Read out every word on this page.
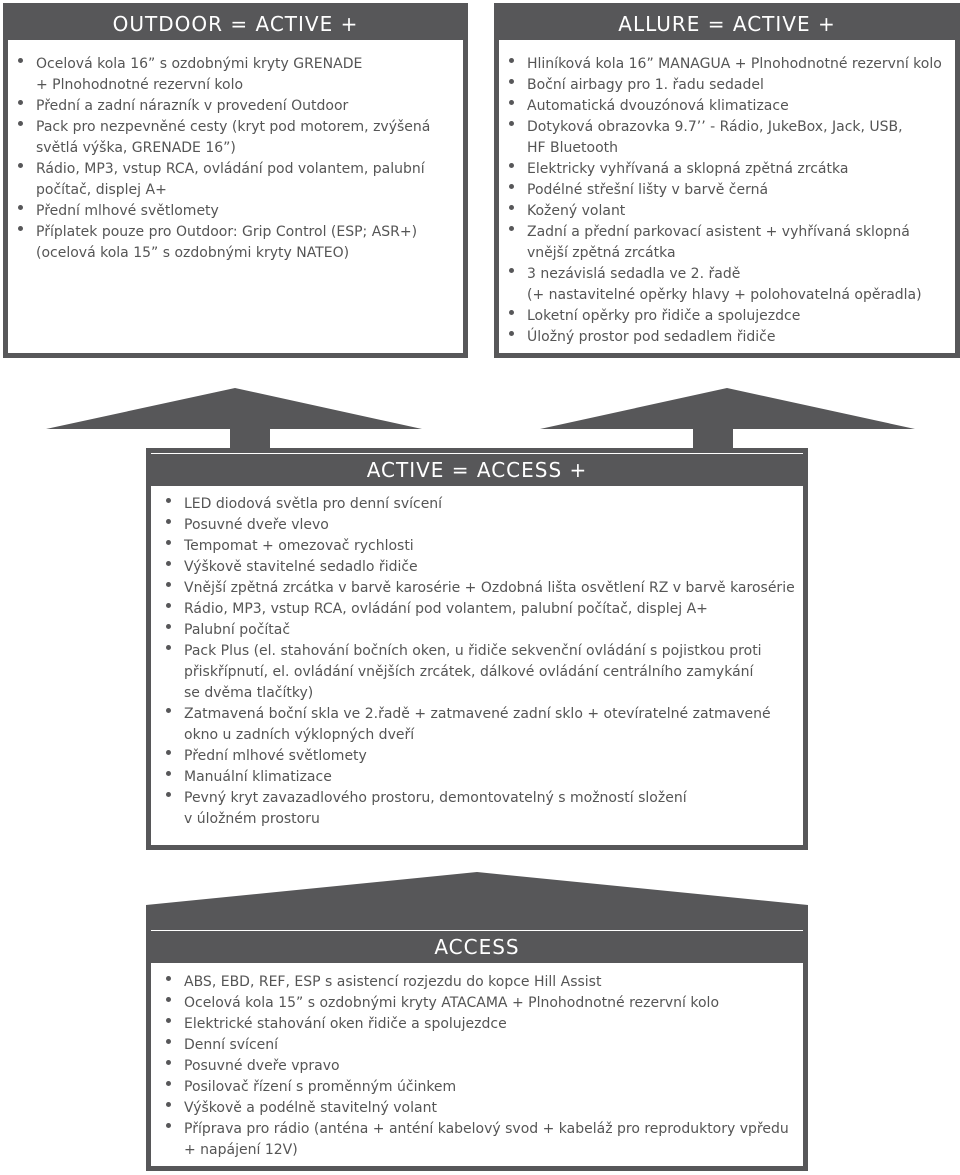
OUTDOOR = ACTIVE +
Ocelová kola 16” s ozdobnými kryty GRENADE
+ Plnohodnotné rezervní kolo
Přední a zadní nárazník v provedení Outdoor
Pack pro nezpevněné cesty (kryt pod motorem, zvýšená
světlá výška, GRENADE 16”)
Rádio, MP3, vstup RCA, ovládání pod volantem, palubní
počítač, displej A+
Přední mlhové světlomety
Příplatek pouze pro Outdoor: Grip Control (ESP; ASR+)
(ocelová kola 15” s ozdobnými kryty NATEO)
ALLURE = ACTIVE +
Hliníková kola 16” MANAGUA + Plnohodnotné rezervní kolo
Boční airbagy pro 1. řadu sedadel
Automatická dvouzónová klimatizace
Dotyková obrazovka 9.7’’ - Rádio, JukeBox, Jack, USB,
HF Bluetooth
Elektricky vyhřívaná a sklopná zpětná zrcátka
Podélné střešní lišty v barvě černá
Kožený volant
Zadní a přední parkovací asistent + vyhřívaná sklopná
vnější zpětná zrcátka
3 nezávislá sedadla ve 2. řadě
(+ nastavitelné opěrky hlavy + polohovatelná opěradla)
Loketní opěrky pro řidiče a spolujezdce
Úložný prostor pod sedadlem řidiče
ACTIVE = ACCESS +
LED diodová světla pro denní svícení
Posuvné dveře vlevo
Tempomat + omezovač rychlosti
Výškově stavitelné sedadlo řidiče
Vnější zpětná zrcátka v barvě karosérie + Ozdobná lišta osvětlení RZ v barvě karosérie
Rádio, MP3, vstup RCA, ovládání pod volantem, palubní počítač, displej A+
Palubní počítač
Pack Plus (el. stahování bočních oken, u řidiče sekvenční ovládání s pojistkou proti
přiskřípnutí, el. ovládání vnějších zrcátek, dálkové ovládání centrálního zamykání
se dvěma tlačítky)
Zatmavená boční skla ve 2.řadě + zatmavené zadní sklo + otevíratelné zatmavené
okno u zadních výklopných dveří
Přední mlhové světlomety
Manuální klimatizace
Pevný kryt zavazadlového prostoru, demontovatelný s možností složení
v úložném prostoru
ACCESS
ABS, EBD, REF, ESP s asistencí rozjezdu do kopce Hill Assist
Ocelová kola 15” s ozdobnými kryty ATACAMA + Plnohodnotné rezervní kolo
Elektrické stahování oken řidiče a spolujezdce
Denní svícení
Posuvné dveře vpravo
Posilovač řízení s proměnným účinkem
Výškově a podélně stavitelný volant
Příprava pro rádio (anténa + anténí kabelový svod + kabeláž pro reproduktory vpředu
+ napájení 12V)
